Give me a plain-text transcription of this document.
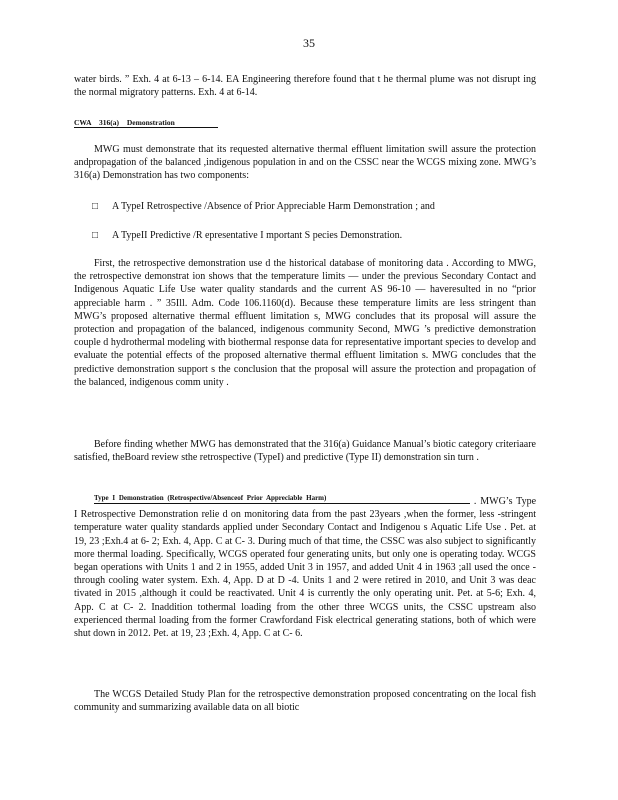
35
water birds. ” Exh. 4 at 6-13 – 6-14. EA Engineering therefore found that t he thermal plume was not disrupt ing the normal migratory patterns. Exh. 4 at 6-14.
CWA 316(a) Demonstration
MWG must demonstrate that its requested alternative thermal effluent limitation swill assure the protection andpropagation of the balanced ,indigenous population in and on the CSSC near the WCGS mixing zone. MWG’s 316(a) Demonstration has two components:
□ A TypeI Retrospective /Absence of Prior Appreciable Harm Demonstration ; and
□ A TypeII Predictive /R epresentative I mportant S pecies Demonstration.
First, the retrospective demonstration use d the historical database of monitoring data . According to MWG, the retrospective demonstrat ion shows that the temperature limits — under the previous Secondary Contact and Indigenous Aquatic Life Use water quality standards and the current AS 96-10 — haveresulted in no “prior appreciable harm . ” 35Ill. Adm. Code 106.1160(d). Because these temperature limits are less stringent than MWG’s proposed alternative thermal effluent limitation s, MWG concludes that its proposal will assure the protection and propagation of the balanced, indigenous community Second, MWG ’s predictive demonstration couple d hydrothermal modeling with biothermal response data for representative important species to develop and evaluate the potential effects of the proposed alternative thermal effluent limitation s. MWG concludes that the predictive demonstration support s the conclusion that the proposal will assure the protection and propagation of the balanced, indigenous comm unity .
Before finding whether MWG has demonstrated that the 316(a) Guidance Manual’s biotic category criteriaare satisfied, theBoard review sthe retrospective (TypeI) and predictive (Type II) demonstration sin turn .
Type I Demonstration (Retrospective/Absenceof Prior Appreciable Harm)	. MWG’s Type I Retrospective Demonstration relie d on monitoring data from the past 23years ,when the former, less -stringent temperature water quality standards applied under Secondary Contact and Indigenou s Aquatic Life Use . Pet. at 19, 23 ;Exh.4 at 6- 2; Exh. 4, App. C at C- 3. During much of that time, the CSSC was also subject to significantly more thermal loading. Specifically, WCGS operated four generating units, but only one is operating today. WCGS began operations with Units 1 and 2 in 1955, added Unit 3 in 1957, and added Unit 4 in 1963 ;all used the once - through cooling water system. Exh. 4, App. D at D -4. Units 1 and 2 were retired in 2010, and Unit 3 was deac tivated in 2015 ,although it could be reactivated. Unit 4 is currently the only operating unit. Pet. at 5-6; Exh. 4, App. C at C- 2. Inaddition tothermal loading from the other three WCGS units, the CSSC upstream also experienced thermal loading from the former Crawfordand Fisk electrical generating stations, both of which were shut down in 2012. Pet. at 19, 23 ;Exh. 4, App. C at C- 6.
The WCGS Detailed Study Plan for the retrospective demonstration proposed concentrating on the local fish community and summarizing available data on all biotic
